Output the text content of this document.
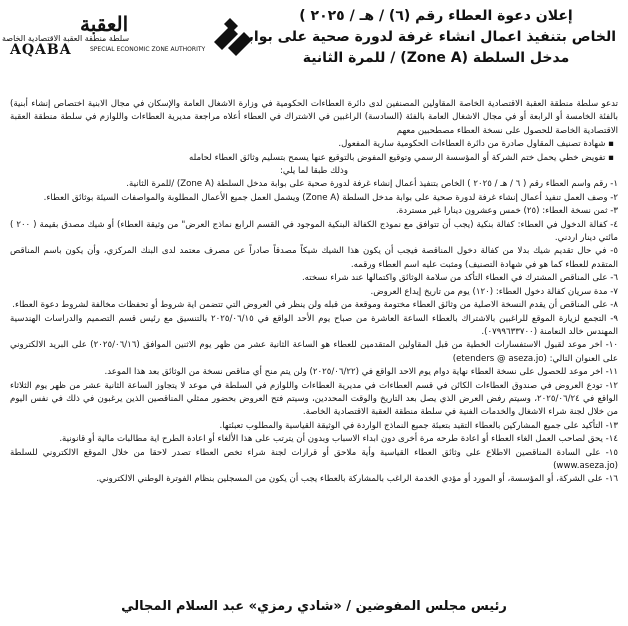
العقبة
سلطة منطقة العقبة الاقتصادية الخاصة
AQABA	SPECIAL ECONOMIC ZONE AUTHORITY
إعلان دعوة العطاء رقم (٦) / هـ / ٢٠٢٥ )
الخاص بتنفيذ اعمال انشاء غرفة لدورة صحية على بوابة
مدخل السلطة (Zone A) / للمرة الثانية

تدعو سلطة منطقة العقبة الاقتصادية الخاصة المقاولين المصنفين لدى دائرة العطاءات الحكومية في وزارة الاشغال العامة والإسكان في مجال الابنية اختصاص إنشاء أبنية) بالفئة الخامسة أو الرابعة أو في مجال الاشغال العامة بالفئة (السادسة) الراغبين في الاشتراك في العطاء أعلاه مراجعة مديرية العطاءات واللوازم في سلطة منطقة العقبة الاقتصادية الخاصة للحصول على نسخة العطاء مصطحبين معهم

▪ شهادة تصنيف المقاول صادرة من دائرة العطاءات الحكومية سارية المفعول.

▪ تفويض خطي يحمل ختم الشركة أو المؤسسة الرسمي وتوقيع المفوض بالتوقيع عنها يسمح بتسليم وثائق العطاء لحامله

وذلك طبقا لما يلي:

١- رقم واسم العطاء رقم ( ٦ / هـ / ٢٠٢٥ ) الخاص بتنفيذ أعمال إنشاء غرفة لدورة صحية على بوابة مدخل السلطة (Zone A) /للمرة الثانية.

٢- وصف العمل تنفيذ أعمال إنشاء غرفة لدورة صحية على بوابة مدخل السلطة (Zone A) ويشمل العمل جميع الأعمال المطلوبة والمواصفات السيئة بوثائق العطاء.

٣- ثمن نسخة العطاء: (٢٥) خمس وعشرون دينارا غير مستردة.

٤- كفالة الدخول في العطاء: كفالة بنكية (يجب أن تتوافق مع نموذج الكفالة البنكية الموجود في القسم الرابع نماذج العرض" من وثيقة العطاء) أو شيك مصدق بقيمة ( ٢٠٠ ) مائتي دينار اردني.

٥- في حال تقديم شيك بدلا من كفالة دخول المناقصة فيجب أن يكون هذا الشيك شيكاً مصدقاً صادراً عن مصرف معتمد لدى البنك المركزي، وأن يكون باسم المناقص المتقدم للعطاء كما هو في شهادة التصنيف) ومثبت عليه اسم العطاء ورقمه.

٦- على المناقص المشترك في العطاء التأكد من سلامة الوثائق واكتمالها عند شراء نسخته.

٧- مدة سريان كفالة دخول العطاء: (١٢٠) يوم من تاريخ إيداع العروض.

٨- على المناقص أن يقدم النسخة الاصلية من وثائق العطاء مختومة وموقعة من قبله ولن ينظر في العروض التي تتضمن اية شروط أو تحفظات مخالفة لشروط دعوة العطاء.

٩- التجمع لزيارة الموقع للراغبين بالاشتراك بالعطاء الساعة العاشرة من صباح يوم الأحد الواقع في ٢٠٢٥/٠٦/١٥ بالتنسيق مع رئيس قسم التصميم والدراسات الهندسية المهندس خالد النعامنة (٠٧٩٩٦٣٣٧٠٠).

١٠- اخر موعد لقبول الاستفسارات الخطية من قبل المقاولين المتقدمين للعطاء هو الساعة الثانية عشر من ظهر يوم الاثنين الموافق (٢٠٢٥/٠٦/١٦) على البريد الالكتروني على العنوان التالي: (etenders @ aseza.jo)

١١- اخر موعد للحصول على نسخة العطاء نهاية دوام يوم الاحد الواقع في (٢٠٢٥/٠٦/٢٢) ولن يتم منح أي مناقص نسخة من الوثائق بعد هذا الموعد.

١٢- تودع العروض في صندوق العطاءات الكائن في قسم العطاءات في مديرية العطاءات واللوازم في السلطة في موعد لا يتجاوز الساعة الثانية عشر من ظهر يوم الثلاثاء الواقع في ٢٠٢٥/٠٦/٢٤، وسيتم رفض العرض الذي يصل بعد التاريخ والوقت المحددين، وسيتم فتح العروض بحضور ممثلي المناقصين الذين يرغبون في ذلك في نفس اليوم من خلال لجنة شراء الاشغال والخدمات الفنية في سلطة منطقة العقبة الاقتصادية الخاصة.

١٣- التأكيد على جميع المشاركين بالعطاء التقيد بتعبئة جميع النماذج الواردة في الوثيقة القياسية والمطلوب تعبئتها.

١٤- يحق لصاحب العمل الغاء العطاء أو اعادة طرحه مرة أخرى دون ابداء الاسباب وبدون أن يترتب على هذا الألغاء أو اعادة الطرح اية مطالبات مالية أو قانونية.

١٥- على السادة المناقصين الاطلاع على وثائق العطاء القياسية وأية ملاحق أو قرارات لجنة شراء تخص العطاء تصدر لاحقا من خلال الموقع الالكتروني للسلطة (www.aseza.jo)

١٦- على الشركة، أو المؤسسة، أو المورد أو مؤدي الخدمة الراغب بالمشاركة بالعطاء يجب أن يكون من المسجلين بنظام الفوترة الوطني الالكتروني.

رئيس مجلس المفوضين / «شادي رمزي» عبد السلام المجالي
